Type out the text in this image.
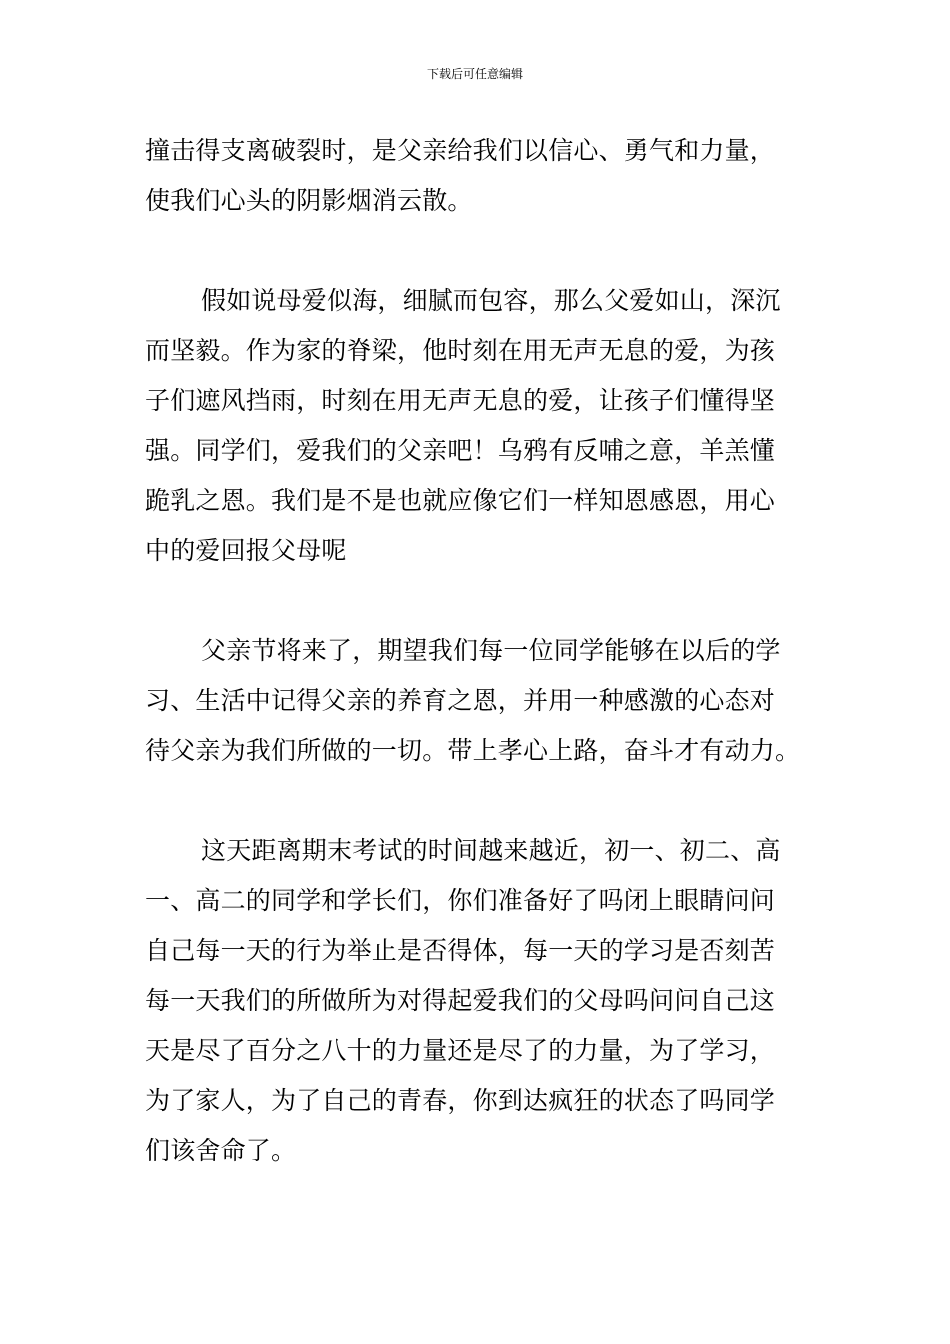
下载后可任意编辑
撞击得支离破裂时，是父亲给我们以信心、勇气和力量，
使我们心头的阴影烟消云散。
假如说母爱似海，细腻而包容，那么父爱如山，深沉
而坚毅。作为家的脊梁，他时刻在用无声无息的爱，为孩
子们遮风挡雨，时刻在用无声无息的爱，让孩子们懂得坚
强。同学们，爱我们的父亲吧！乌鸦有反哺之意，羊羔懂
跪乳之恩。我们是不是也就应像它们一样知恩感恩，用心
中的爱回报父母呢
父亲节将来了，期望我们每一位同学能够在以后的学
习、生活中记得父亲的养育之恩，并用一种感激的心态对
待父亲为我们所做的一切。带上孝心上路，奋斗才有动力。
这天距离期末考试的时间越来越近，初一、初二、高
一、高二的同学和学长们，你们准备好了吗闭上眼睛问问
自己每一天的行为举止是否得体，每一天的学习是否刻苦
每一天我们的所做所为对得起爱我们的父母吗问问自己这
天是尽了百分之八十的力量还是尽了的力量，为了学习，
为了家人，为了自己的青春，你到达疯狂的状态了吗同学
们该舍命了。
